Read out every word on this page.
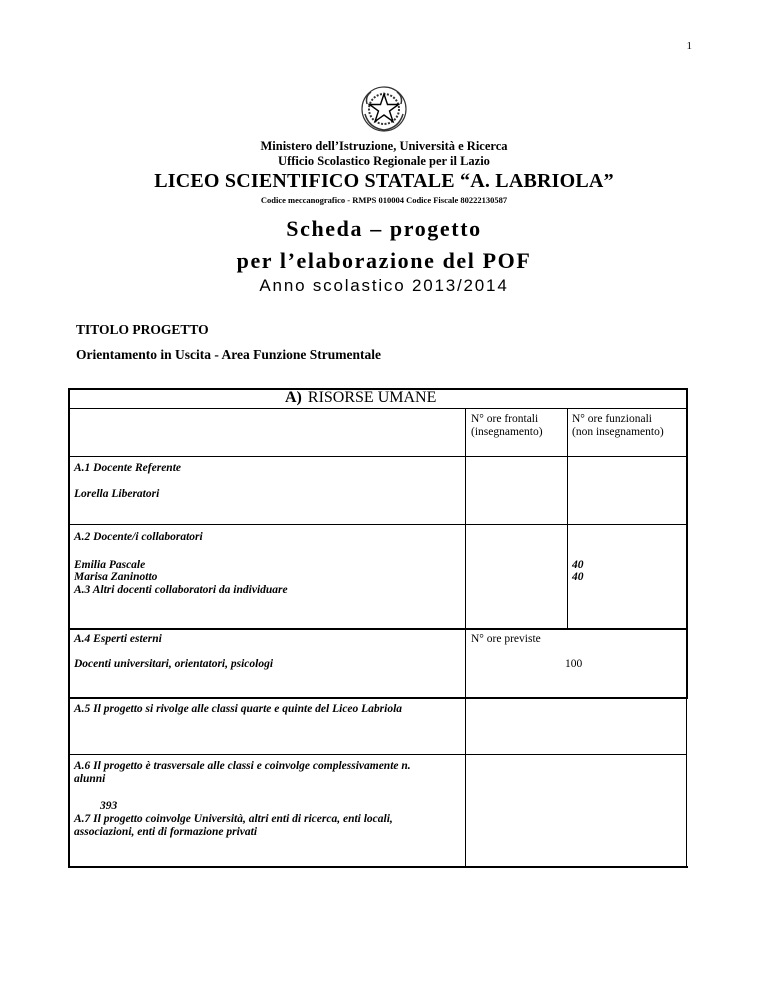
1
Ministero dell’Istruzione, Università e Ricerca
Ufficio Scolastico Regionale per il Lazio
LICEO SCIENTIFICO STATALE “A. LABRIOLA”
Codice meccanografico - RMPS 010004 Codice Fiscale 80222130587
Scheda – progetto
per l’elaborazione del POF
Anno scolastico 2013/2014
TITOLO PROGETTO
Orientamento in Uscita - Area Funzione Strumentale
A) RISORSE UMANE
N° ore frontali
(insegnamento)
N° ore funzionali
(non insegnamento)
A.1 Docente Referente
Lorella Liberatori
A.2 Docente/i collaboratori
Emilia Pascale
Marisa Zaninotto
40
40
A.3 Altri docenti collaboratori da individuare
A.4 Esperti esterni	N° ore previste
Docenti universitari, orientatori, psicologi	100
A.5 Il progetto si rivolge alle classi quarte e quinte del Liceo Labriola
A.6 Il progetto è trasversale alle classi e coinvolge complessivamente n.
alunni
393
A.7 Il progetto coinvolge Università, altri enti di ricerca, enti locali,
associazioni, enti di formazione privati
